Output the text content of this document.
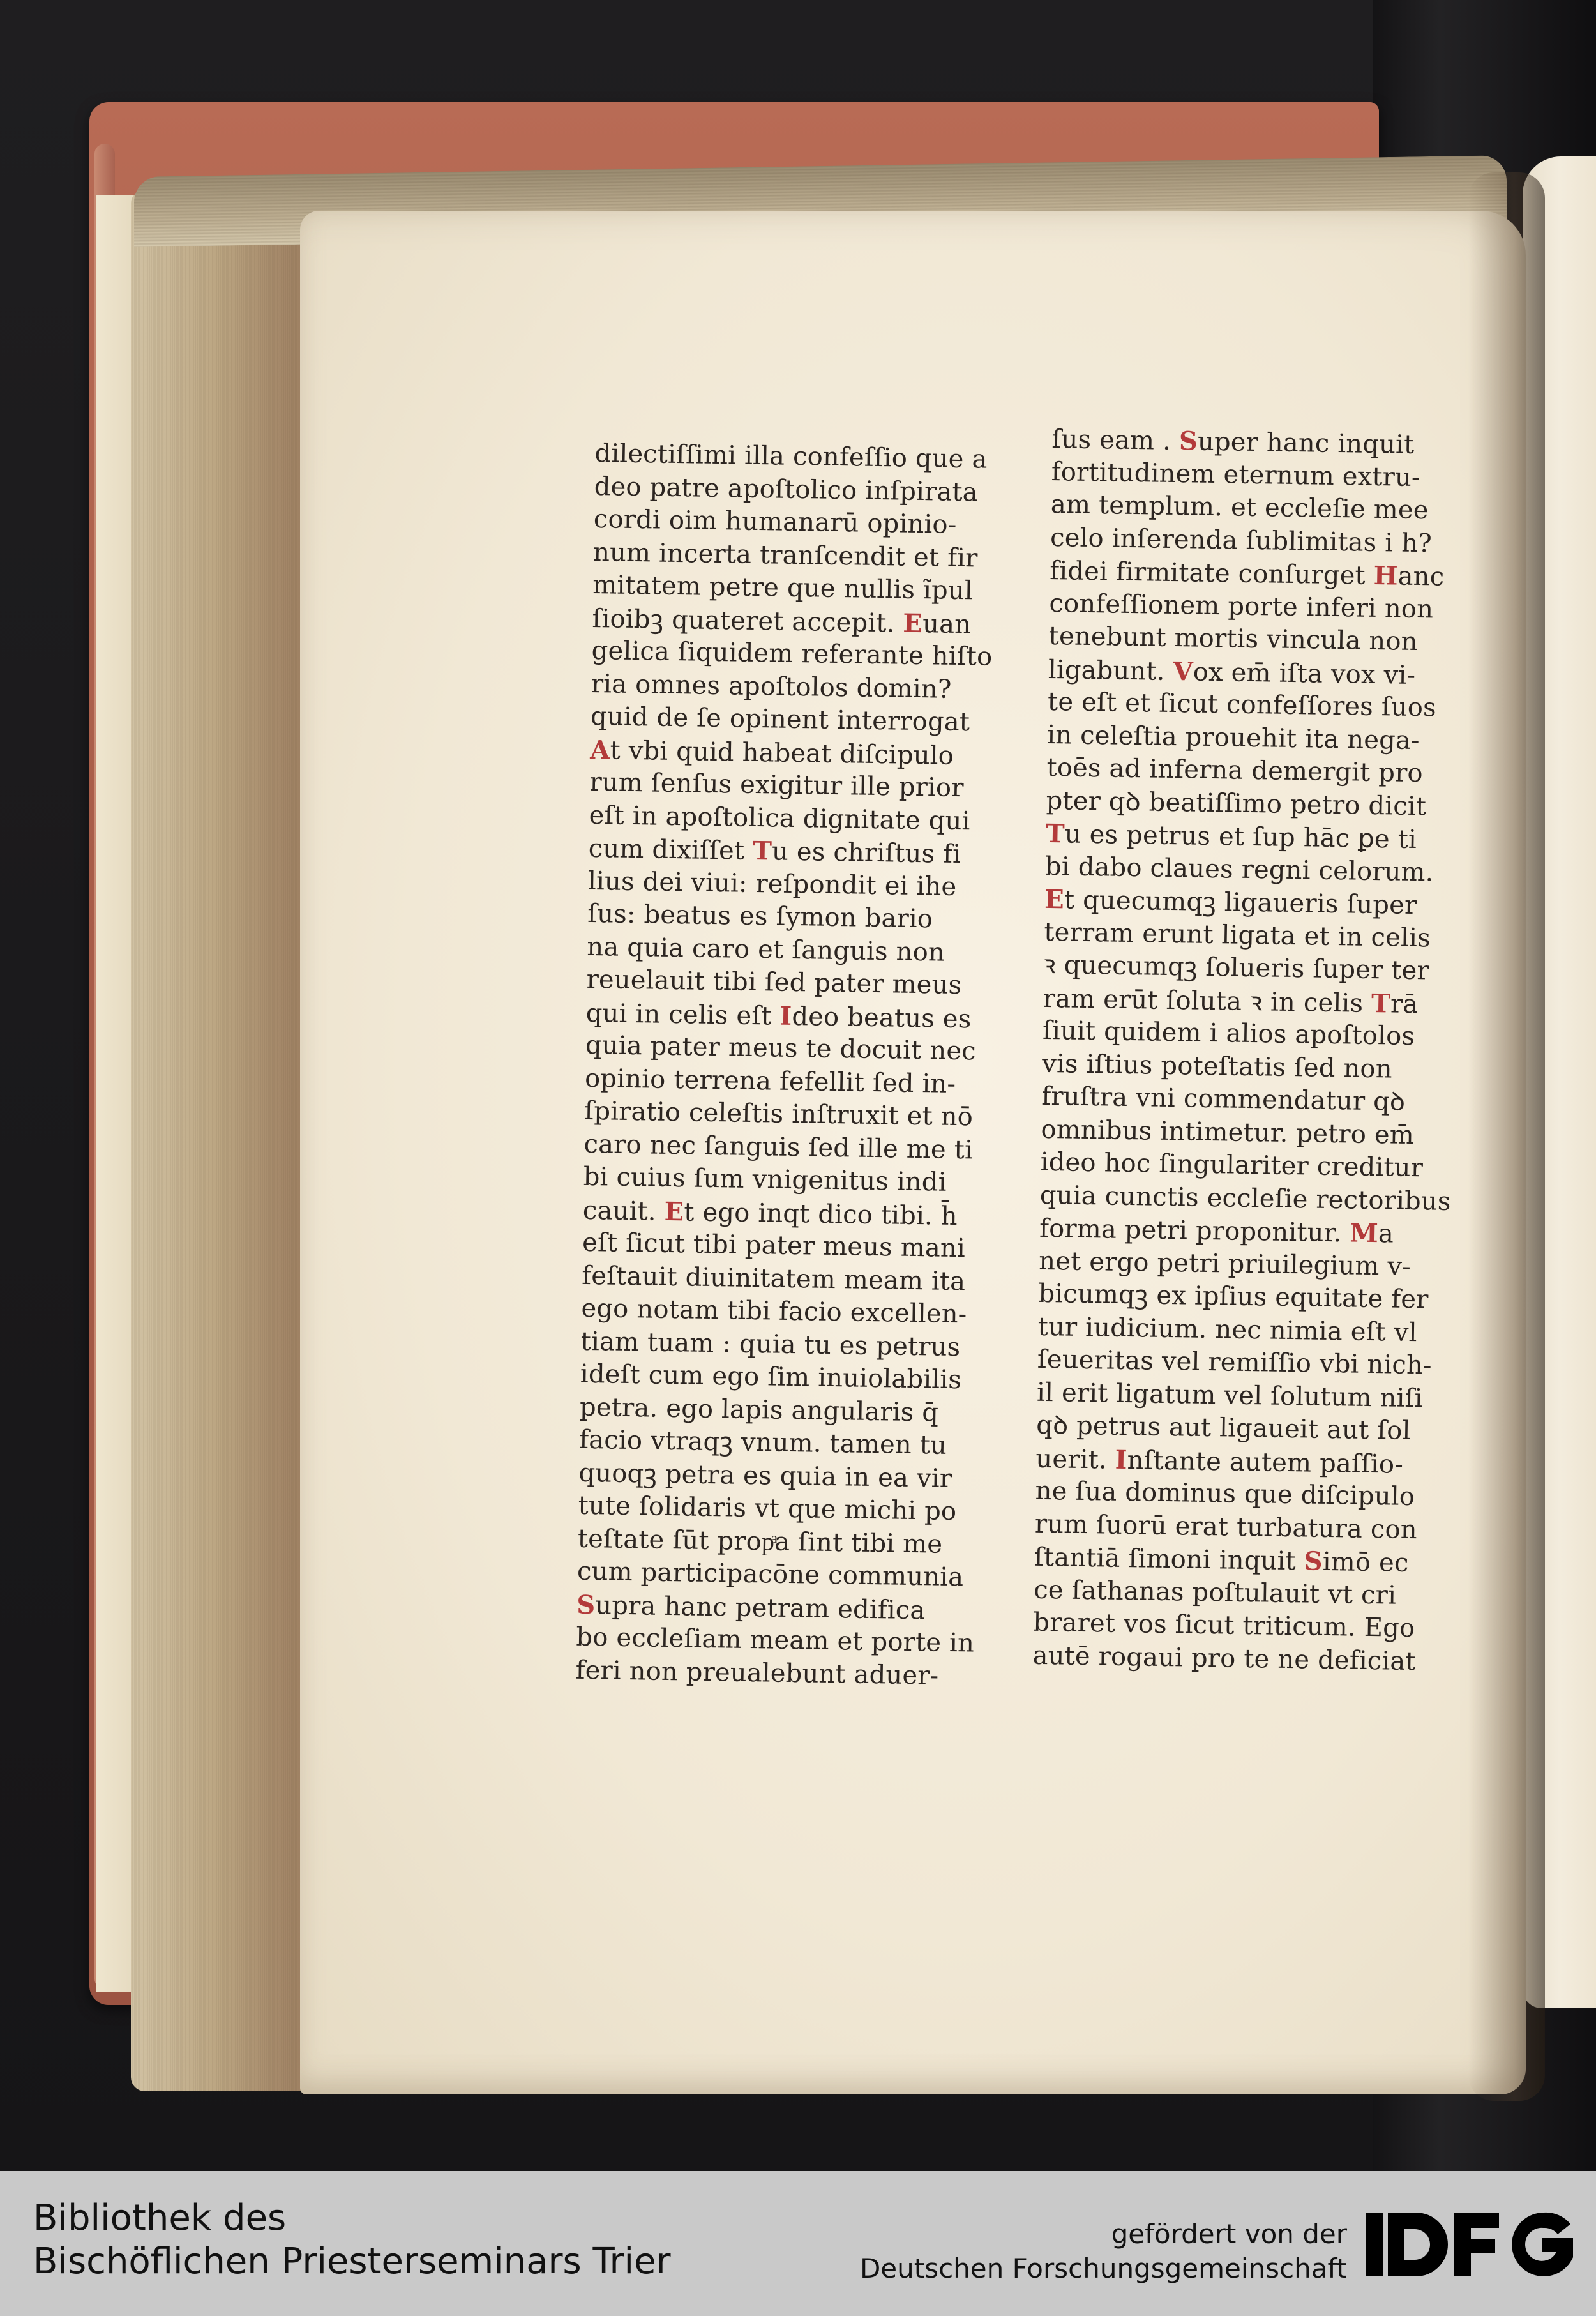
dilectiſſimi illa confeſſio que a
deo patre apoſtolico inſpirata
cordi oim humanarū opinio-
num incerta tranſcendit et fir
mitatem petre que nullis ĩpul
ſioibꝫ quateret accepit. Euan
gelica ſiquidem referante hiſto
ria omnes apoſtolos domin?
quid de ſe opinent interrogat
At vbi quid habeat diſcipulo
rum ſenſus exigitur ille prior
eſt in apoſtolica dignitate qui
cum dixiſſet Tu es chriſtus fi
lius dei viui: reſpondit ei ihe
ſus: beatus es ſymon bario
na quia caro et ſanguis non
reuelauit tibi ſed pater meus
qui in celis eſt Ideo beatus es
quia pater meus te docuit nec
opinio terrena fefellit ſed in-
ſpiratio celeſtis inſtruxit et nō
caro nec ſanguis ſed ille me ti
bi cuius ſum vnigenitus indi
cauit. Et ego inqt dico tibi. h̄
eſt ſicut tibi pater meus mani
feſtauit diuinitatem meam ita
ego notam tibi facio excellen-
tiam tuam : quia tu es petrus
ideſt cum ego ſim inuiolabilis
petra. ego lapis angularis q̄
facio vtraqꝫ vnum. tamen tu
quoqꝫ petra es quia in ea vir
tute ſolidaris vt que michi po
teſtate ſūt propͣa ſint tibi me
cum participacōne communia
Supra hanc petram edifica
bo eccleſiam meam et porte in
feri non preualebunt aduer-
ſus eam . Super hanc inquit
fortitudinem eternum extru-
am templum. et eccleſie mee
celo inſerenda ſublimitas i h?
fidei firmitate conſurget Hanc
confeſſionem porte inferi non
tenebunt mortis vincula non
ligabunt. Vox em̄ iſta vox vi-
te eſt et ſicut confeſſores ſuos
in celeſtia prouehit ita nega-
toēs ad inferna demergit pro
pter qꝺ beatiſſimo petro dicit
Tu es petrus et ſup hāc ꝑe ti
bi dabo claues regni celorum.
Et quecumqꝫ ligaueris ſuper
terram erunt ligata et in celis
ꝛ quecumqꝫ ſolueris ſuper ter
ram erūt ſoluta ꝛ in celis Trā
ſiuit quidem i alios apoſtolos
vis iſtius poteſtatis ſed non
fruſtra vni commendatur qꝺ
omnibus intimetur. petro em̄
ideo hoc ſingulariter creditur
quia cunctis eccleſie rectoribus
forma petri proponitur. Ma
net ergo petri priuilegium v-
bicumqꝫ ex ipſius equitate fer
tur iudicium. nec nimia eſt vl
ſeueritas vel remiſſio vbi nich-
il erit ligatum vel ſolutum niſi
qꝺ petrus aut ligaueit aut ſol
uerit. Inſtante autem paſſio-
ne ſua dominus que diſcipulo
rum ſuorū erat turbatura con
ſtantiā ſimoni inquit Simō ec
ce ſathanas poſtulauit vt cri
braret vos ſicut triticum. Ego
autē rogaui pro te ne deficiat
Bibliothek des
Bischöflichen Priesterseminars Trier
gefördert von der
Deutschen Forschungsgemeinschaft
DFG
